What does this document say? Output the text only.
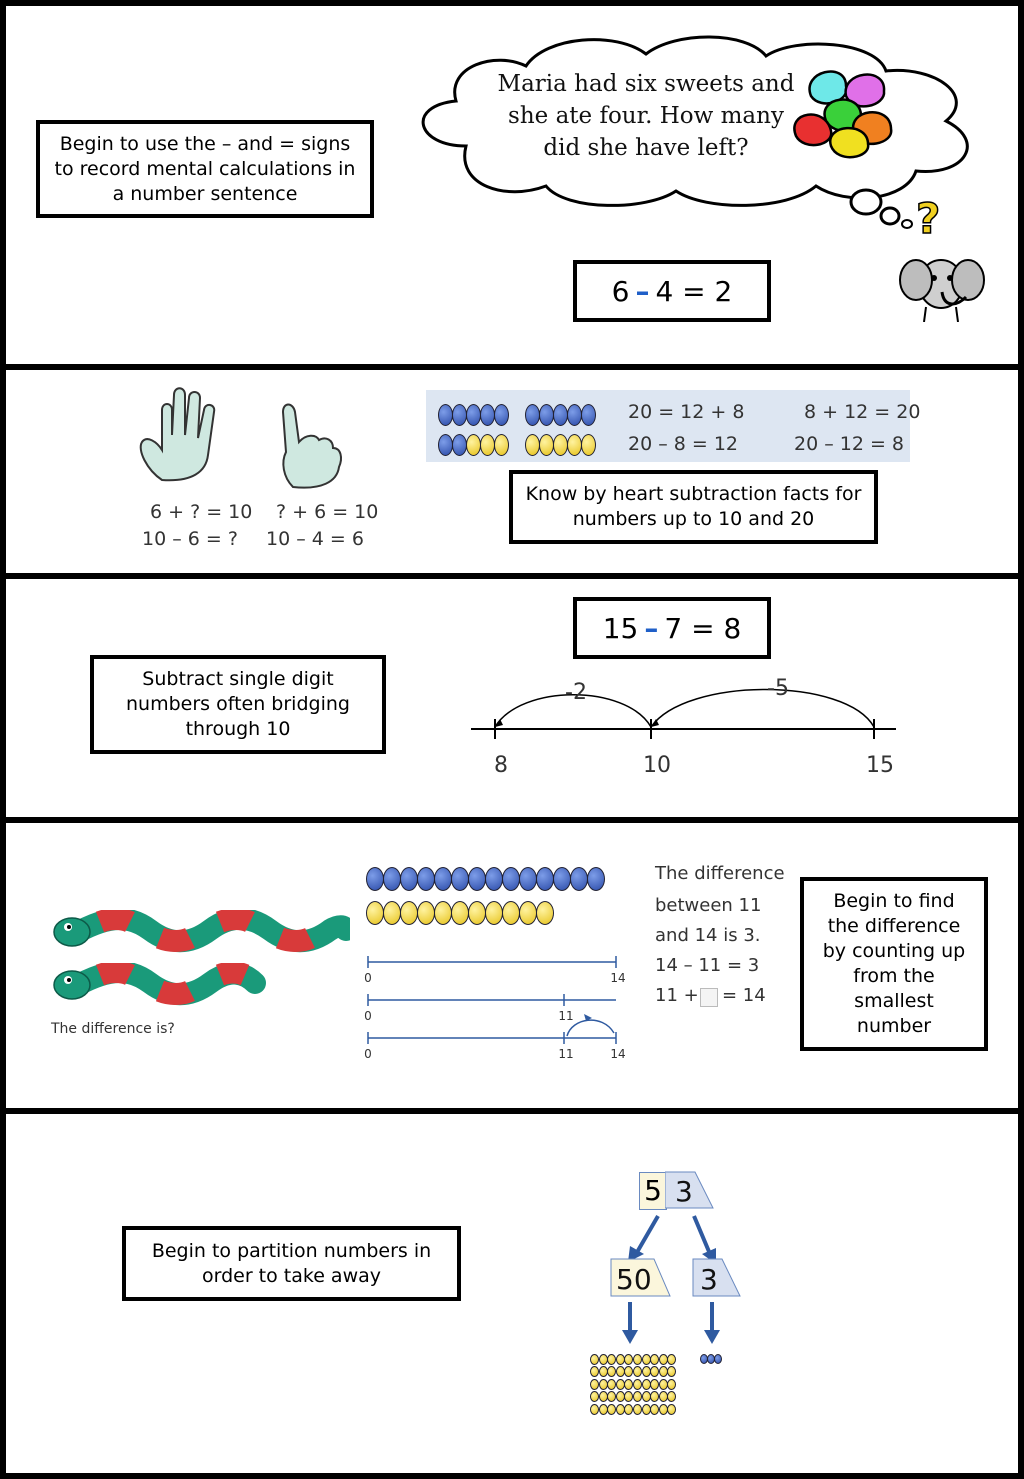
Begin to use the – and = signs to record mental calculations in a number sentence
Maria had six sweets and she ate four. How many did she have left?
6 – 4 = 2
?
6 + ? = 10 ? + 6 = 10
10 – 6 = ? 10 – 4 = 6
20 = 12 + 8	8 + 12 = 20
20 – 8 = 12	20 – 12 = 8
Know by heart subtraction facts for numbers up to 10 and 20
15 – 7 = 8
Subtract single digit numbers often bridging through 10
-2	-5
8	10	15
The difference is?
0	14
0	11
0	11	14
The difference
between 11
and 14 is 3.
14 – 11 = 3
11 + = 14
Begin to find the difference by counting up from the smallest number
Begin to partition numbers in order to take away
5 3
50 3
